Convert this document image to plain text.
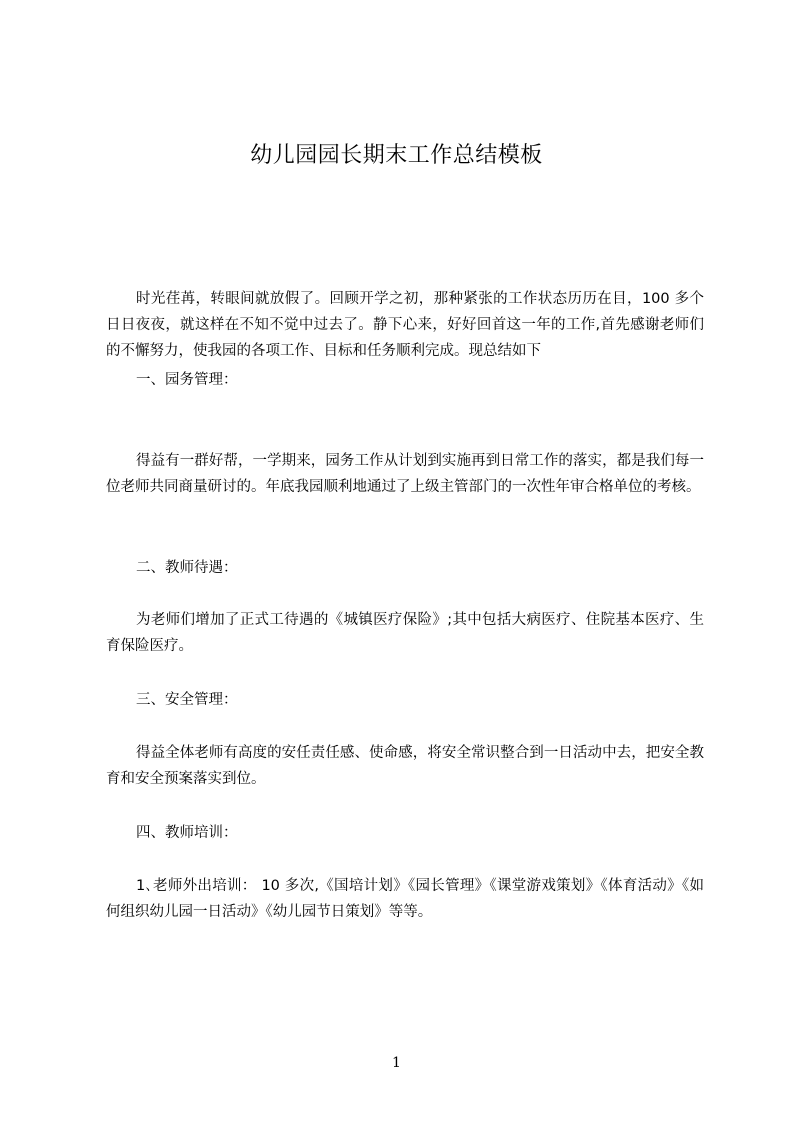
幼儿园园长期末工作总结模板
时光荏苒，转眼间就放假了。回顾开学之初，那种紧张的工作状态历历在目，100 多个日日夜夜，就这样在不知不觉中过去了。静下心来，好好回首这一年的工作,首先感谢老师们的不懈努力，使我园的各项工作、目标和任务顺利完成。现总结如下
一、园务管理：
得益有一群好帮，一学期来，园务工作从计划到实施再到日常工作的落实，都是我们每一位老师共同商量研讨的。年底我园顺利地通过了上级主管部门的一次性年审合格单位的考核。
二、教师待遇：
为老师们增加了正式工待遇的《城镇医疗保险》;其中包括大病医疗、住院基本医疗、生育保险医疗。
三、安全管理：
得益全体老师有高度的安任责任感、使命感，将安全常识整合到一日活动中去，把安全教育和安全预案落实到位。
四、教师培训：
1､老师外出培训： 10 多次,《国培计划》《园长管理》《课堂游戏策划》《体育活动》《如何组织幼儿园一日活动》《幼儿园节日策划》等等。
1
